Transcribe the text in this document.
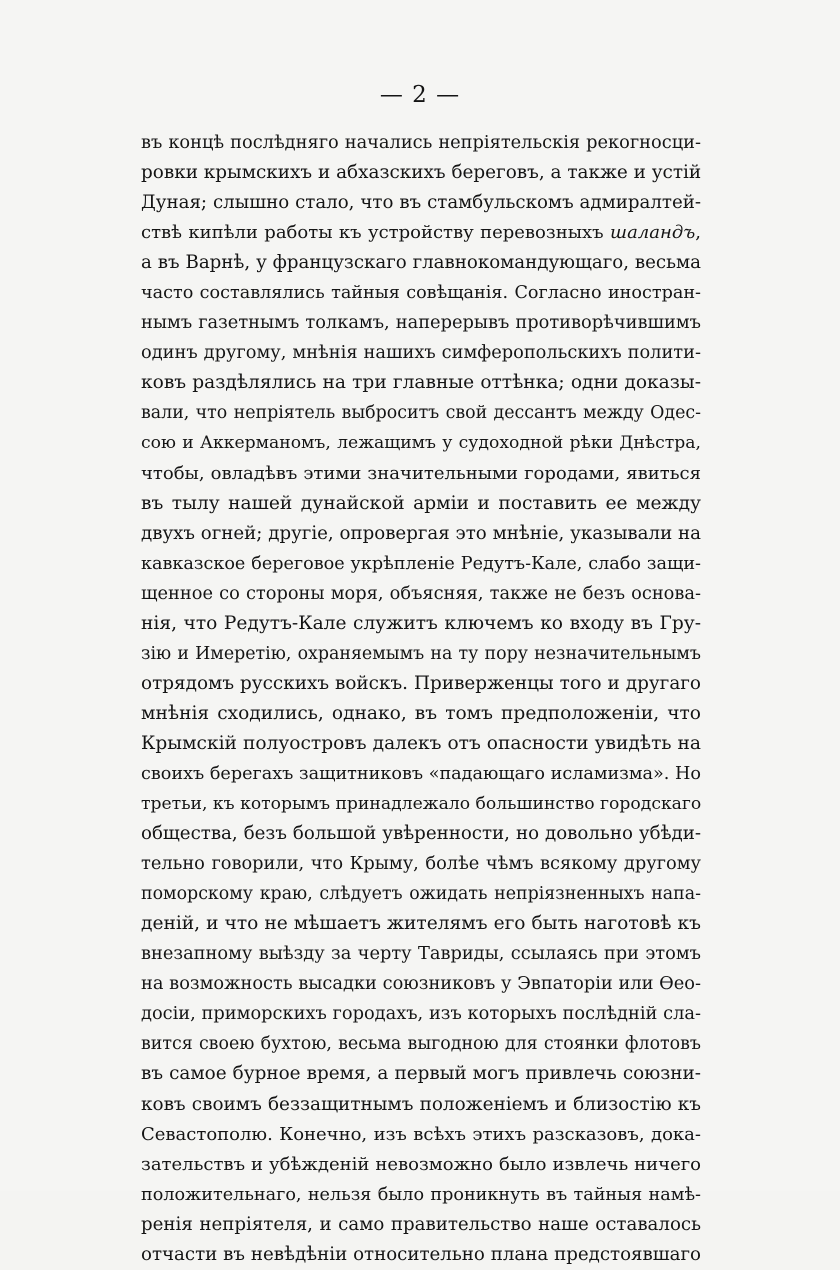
— 2 —
въ концѣ послѣдняго начались непріятельскія рекогносци-
ровки крымскихъ и абхазскихъ береговъ, а также и устій
Дуная; слышно стало, что въ стамбульскомъ адмиралтей-
ствѣ кипѣли работы къ устройству перевозныхъ шаландъ,
а въ Варнѣ, у французскаго главнокомандующаго, весьма
часто составлялись тайныя совѣщанія. Согласно иностран-
нымъ газетнымъ толкамъ, наперерывъ противорѣчившимъ
одинъ другому, мнѣнія нашихъ симферопольскихъ полити-
ковъ раздѣлялись на три главные оттѣнка; одни доказы-
вали, что непріятель выброситъ свой дессантъ между Одес-
сою и Аккерманомъ, лежащимъ у судоходной рѣки Днѣстра,
чтобы, овладѣвъ этими значительными городами, явиться
въ тылу нашей дунайской арміи и поставить ее между
двухъ огней; другіе, опровергая это мнѣніе, указывали на
кавказское береговое укрѣпленіе Редутъ-Кале, слабо защи-
щенное со стороны моря, объясняя, также не безъ основа-
нія, что Редутъ-Кале служитъ ключемъ ко входу въ Гру-
зію и Имеретію, охраняемымъ на ту пору незначительнымъ
отрядомъ русскихъ войскъ. Приверженцы того и другаго
мнѣнія сходились, однако, въ томъ предположеніи, что
Крымскій полуостровъ далекъ отъ опасности увидѣть на
своихъ берегахъ защитниковъ «падающаго исламизма». Но
третьи, къ которымъ принадлежало большинство городскаго
общества, безъ большой увѣренности, но довольно убѣди-
тельно говорили, что Крыму, болѣе чѣмъ всякому другому
поморскому краю, слѣдуетъ ожидать непріязненныхъ напа-
деній, и что не мѣшаетъ жителямъ его быть наготовѣ къ
внезапному выѣзду за черту Тавриды, ссылаясь при этомъ
на возможность высадки союзниковъ у Эвпаторіи или Ѳео-
досіи, приморскихъ городахъ, изъ которыхъ послѣдній сла-
вится своею бухтою, весьма выгодною для стоянки флотовъ
въ самое бурное время, а первый могъ привлечь союзни-
ковъ своимъ беззащитнымъ положеніемъ и близостію къ
Севастополю. Конечно, изъ всѣхъ этихъ разсказовъ, дока-
зательствъ и убѣжденій невозможно было извлечь ничего
положительнаго, нельзя было проникнуть въ тайныя намѣ-
ренія непріятеля, и само правительство наше оставалось
отчасти въ невѣдѣніи относительно плана предстоявшаго
